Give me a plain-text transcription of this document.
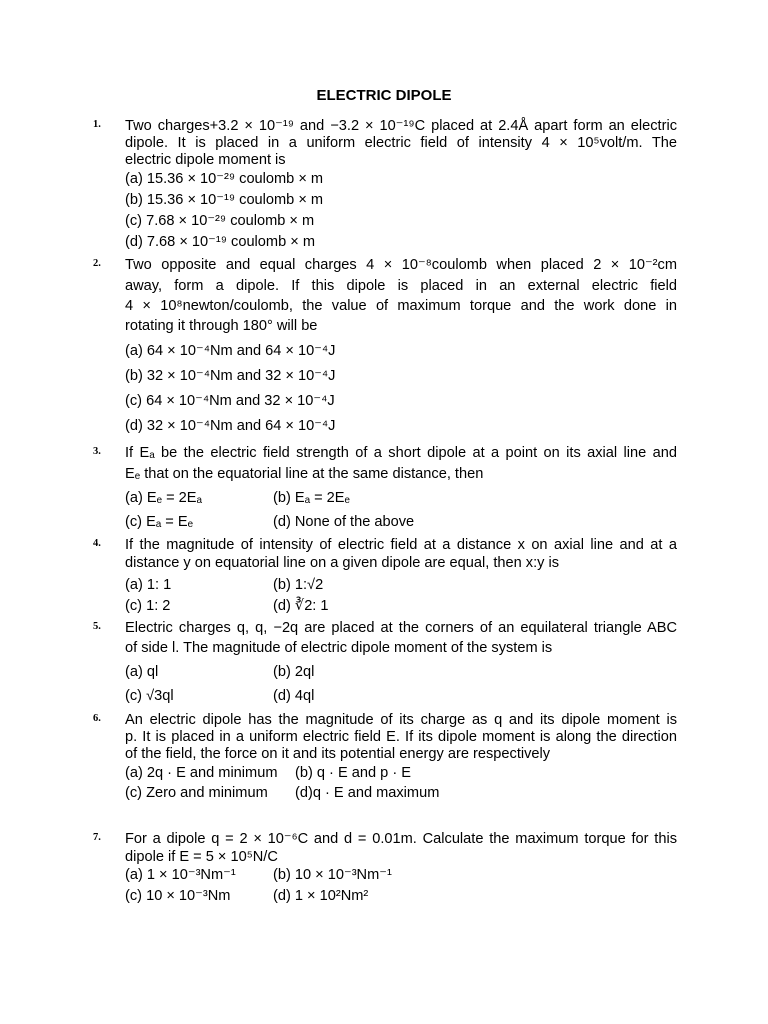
ELECTRIC DIPOLE
1. Two charges+3.2 × 10⁻¹⁹ and −3.2 × 10⁻¹⁹C placed at 2.4Å apart form an electric
dipole. It is placed in a uniform electric field of intensity 4 × 10⁵volt/m. The
electric dipole moment is
(a) 15.36 × 10⁻²⁹ coulomb × m
(b) 15.36 × 10⁻¹⁹ coulomb × m
(c) 7.68 × 10⁻²⁹ coulomb × m
(d) 7.68 × 10⁻¹⁹ coulomb × m
2. Two opposite and equal charges 4 × 10⁻⁸coulomb when placed 2 × 10⁻²cm
away, form a dipole. If this dipole is placed in an external electric field
4 × 10⁸newton/coulomb, the value of maximum torque and the work done in
rotating it through 180° will be
(a) 64 × 10⁻⁴Nm and 64 × 10⁻⁴J
(b) 32 × 10⁻⁴Nm and 32 × 10⁻⁴J
(c) 64 × 10⁻⁴Nm and 32 × 10⁻⁴J
(d) 32 × 10⁻⁴Nm and 64 × 10⁻⁴J
3. If Eₐ be the electric field strength of a short dipole at a point on its axial line and
Eₑ that on the equatorial line at the same distance, then
(a) Eₑ = 2Eₐ	(b) Eₐ = 2Eₑ
(c) Eₐ = Eₑ	(d) None of the above
4. If the magnitude of intensity of electric field at a distance x on axial line and at a
distance y on equatorial line on a given dipole are equal, then x:y is
(a) 1: 1	(b) 1:√2
(c) 1: 2	(d) ∛2: 1
5. Electric charges q, q, −2q are placed at the corners of an equilateral triangle ABC
of side l. The magnitude of electric dipole moment of the system is
(a) ql	(b) 2ql
(c) √3ql	(d) 4ql
6. An electric dipole has the magnitude of its charge as q and its dipole moment is
p. It is placed in a uniform electric field E. If its dipole moment is along the direction
of the field, the force on it and its potential energy are respectively
(a) 2q · E and minimum (b) q · E and p · E
(c) Zero and minimum (d)q · E and maximum
7. For a dipole q = 2 × 10⁻⁶C and d = 0.01m. Calculate the maximum torque for this
dipole if E = 5 × 10⁵N/C
(a) 1 × 10⁻³Nm⁻¹	(b) 10 × 10⁻³Nm⁻¹
(c) 10 × 10⁻³Nm	(d) 1 × 10²Nm²
